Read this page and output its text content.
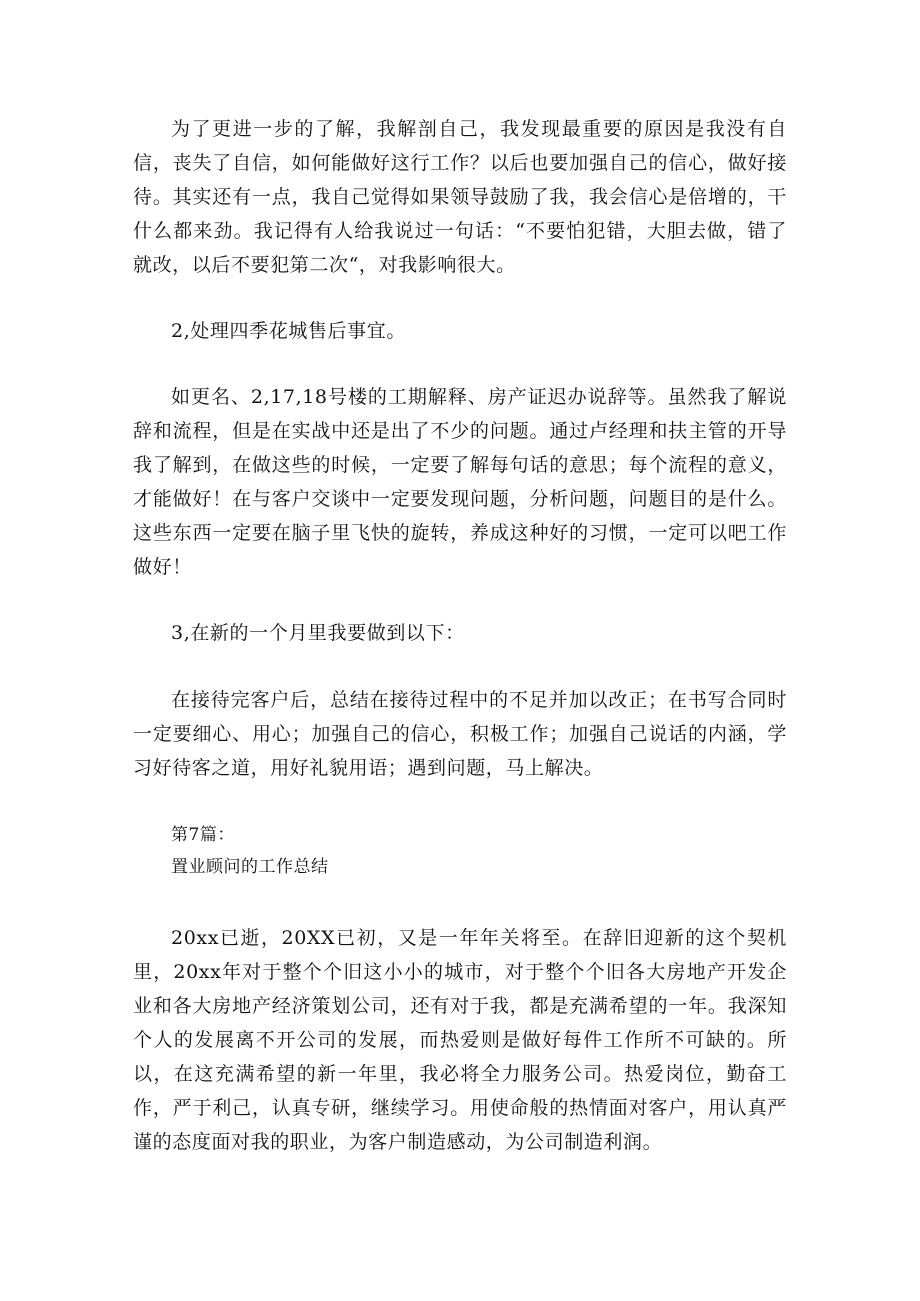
为了更进一步的了解，我解剖自己，我发现最重要的原因是我没有自信，丧失了自信，如何能做好这行工作？以后也要加强自己的信心，做好接待。其实还有一点，我自己觉得如果领导鼓励了我，我会信心是倍增的，干什么都来劲。我记得有人给我说过一句话：“不要怕犯错，大胆去做，错了就改，以后不要犯第二次“，对我影响很大。

2,处理四季花城售后事宜。

如更名、2,17,18号楼的工期解释、房产证迟办说辞等。虽然我了解说辞和流程，但是在实战中还是出了不少的问题。通过卢经理和扶主管的开导我了解到，在做这些的时候，一定要了解每句话的意思；每个流程的意义，才能做好！在与客户交谈中一定要发现问题，分析问题，问题目的是什么。这些东西一定要在脑子里飞快的旋转，养成这种好的习惯，一定可以吧工作做好！

3,在新的一个月里我要做到以下：

在接待完客户后，总结在接待过程中的不足并加以改正；在书写合同时一定要细心、用心；加强自己的信心，积极工作；加强自己说话的内涵，学习好待客之道，用好礼貌用语；遇到问题，马上解决。

第7篇：

置业顾问的工作总结

20xx已逝，20XX已初，又是一年年关将至。在辞旧迎新的这个契机里，20xx年对于整个个旧这小小的城市，对于整个个旧各大房地产开发企业和各大房地产经济策划公司，还有对于我，都是充满希望的一年。我深知个人的发展离不开公司的发展，而热爱则是做好每件工作所不可缺的。所以，在这充满希望的新一年里，我必将全力服务公司。热爱岗位，勤奋工作，严于利己，认真专研，继续学习。用使命般的热情面对客户，用认真严谨的态度面对我的职业，为客户制造感动，为公司制造利润。
